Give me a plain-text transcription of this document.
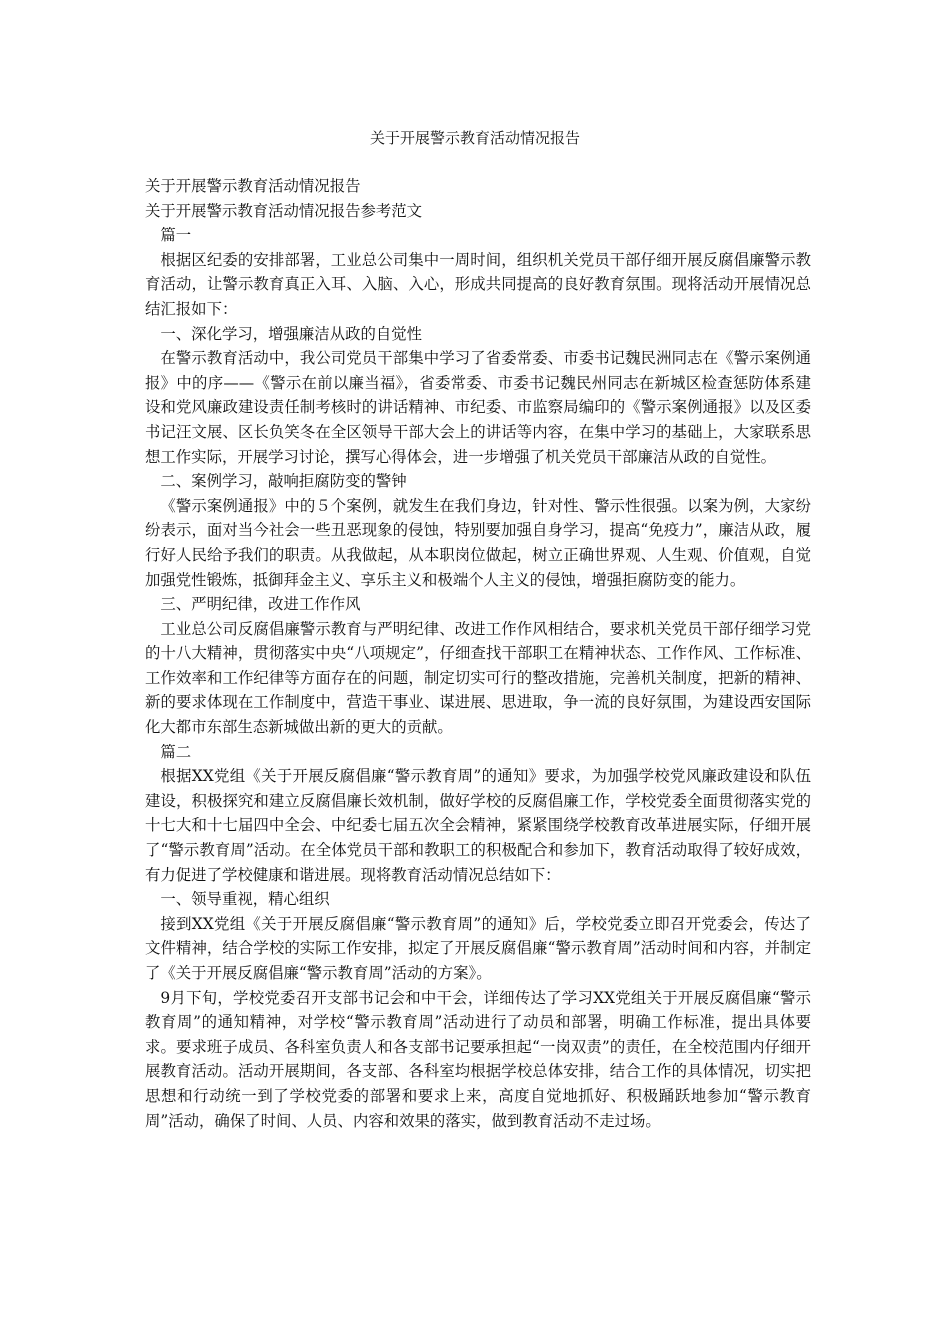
关于开展警示教育活动情况报告

关于开展警示教育活动情况报告

关于开展警示教育活动情况报告参考范文

篇一

根据区纪委的安排部署，工业总公司集中一周时间，组织机关党员干部仔细开展反腐倡廉警示教育活动，让警示教育真正入耳、入脑、入心，形成共同提高的良好教育氛围。现将活动开展情况总结汇报如下：

一、深化学习，增强廉洁从政的自觉性

在警示教育活动中，我公司党员干部集中学习了省委常委、市委书记魏民洲同志在《警示案例通报》中的序——《警示在前以廉当福》，省委常委、市委书记魏民州同志在新城区检查惩防体系建设和党风廉政建设责任制考核时的讲话精神、市纪委、市监察局编印的《警示案例通报》以及区委书记汪文展、区长负笑冬在全区领导干部大会上的讲话等内容，在集中学习的基础上，大家联系思想工作实际，开展学习讨论，撰写心得体会，进一步增强了机关党员干部廉洁从政的自觉性。

二、案例学习，敲响拒腐防变的警钟

《警示案例通报》中的５个案例，就发生在我们身边，针对性、警示性很强。以案为例，大家纷纷表示，面对当今社会一些丑恶现象的侵蚀，特别要加强自身学习，提高“免疫力”，廉洁从政，履行好人民给予我们的职责。从我做起，从本职岗位做起，树立正确世界观、人生观、价值观，自觉加强党性锻炼，抵御拜金主义、享乐主义和极端个人主义的侵蚀，增强拒腐防变的能力。

三、严明纪律，改进工作作风

工业总公司反腐倡廉警示教育与严明纪律、改进工作作风相结合，要求机关党员干部仔细学习党的十八大精神，贯彻落实中央“八项规定”，仔细查找干部职工在精神状态、工作作风、工作标准、工作效率和工作纪律等方面存在的问题，制定切实可行的整改措施，完善机关制度，把新的精神、新的要求体现在工作制度中，营造干事业、谋进展、思进取，争一流的良好氛围，为建设西安国际化大都市东部生态新城做出新的更大的贡献。

篇二

根据XX党组《关于开展反腐倡廉“警示教育周”的通知》要求，为加强学校党风廉政建设和队伍建设，积极探究和建立反腐倡廉长效机制，做好学校的反腐倡廉工作，学校党委全面贯彻落实党的十七大和十七届四中全会、中纪委七届五次全会精神，紧紧围绕学校教育改革进展实际，仔细开展了“警示教育周”活动。在全体党员干部和教职工的积极配合和参加下，教育活动取得了较好成效，有力促进了学校健康和谐进展。现将教育活动情况总结如下：

一、领导重视，精心组织

接到XX党组《关于开展反腐倡廉“警示教育周”的通知》后，学校党委立即召开党委会，传达了文件精神，结合学校的实际工作安排，拟定了开展反腐倡廉“警示教育周”活动时间和内容，并制定了《关于开展反腐倡廉“警示教育周”活动的方案》。

9月下旬，学校党委召开支部书记会和中干会，详细传达了学习XX党组关于开展反腐倡廉“警示教育周”的通知精神，对学校“警示教育周”活动进行了动员和部署，明确工作标准，提出具体要求。要求班子成员、各科室负责人和各支部书记要承担起“一岗双责”的责任，在全校范围内仔细开展教育活动。活动开展期间，各支部、各科室均根据学校总体安排，结合工作的具体情况，切实把思想和行动统一到了学校党委的部署和要求上来，高度自觉地抓好、积极踊跃地参加“警示教育周”活动，确保了时间、人员、内容和效果的落实，做到教育活动不走过场。
